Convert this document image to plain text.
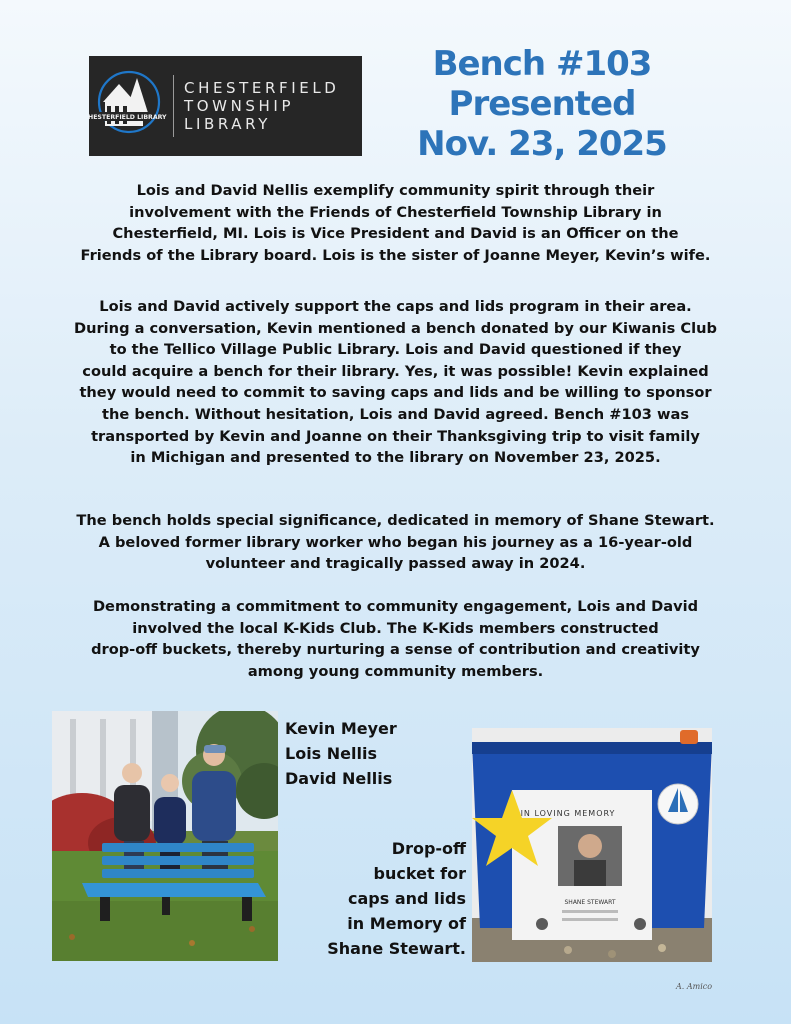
CHESTERFIELD LIBRARY
CHESTERFIELD
TOWNSHIP
LIBRARY
Bench #103
Presented
Nov. 23, 2025

Lois and David Nellis exemplify community spirit through their
involvement with the Friends of Chesterfield Township Library in
Chesterfield, MI. Lois is Vice President and David is an Officer on the
Friends of the Library board. Lois is the sister of Joanne Meyer, Kevin’s wife.

Lois and David actively support the caps and lids program in their area.
During a conversation, Kevin mentioned a bench donated by our Kiwanis Club
to the Tellico Village Public Library. Lois and David questioned if they
could acquire a bench for their library. Yes, it was possible! Kevin explained
they would need to commit to saving caps and lids and be willing to sponsor
the bench. Without hesitation, Lois and David agreed. Bench #103 was
transported by Kevin and Joanne on their Thanksgiving trip to visit family
in Michigan and presented to the library on November 23, 2025.

The bench holds special significance, dedicated in memory of Shane Stewart.
A beloved former library worker who began his journey as a 16-year-old
volunteer and tragically passed away in 2024.

Demonstrating a commitment to community engagement, Lois and David
involved the local K-Kids Club. The K-Kids members constructed
drop-off buckets, thereby nurturing a sense of contribution and creativity
among young community members.

Kevin Meyer
Lois Nellis
David Nellis
Drop-off
bucket for
caps and lids
in Memory of
Shane Stewart.
IN LOVING MEMORY
SHANE STEWART
A. Amico
